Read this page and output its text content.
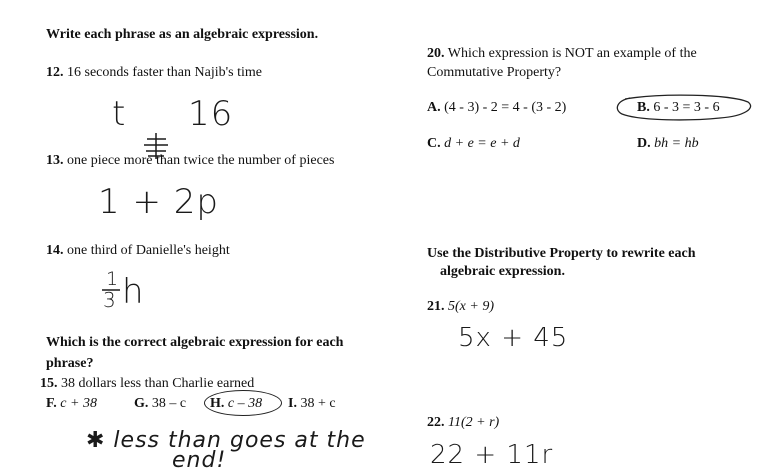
Write each phrase as an algebraic expression.
12. 16 seconds faster than Najib's time
t 16
13. one piece more than twice the number of pieces
1 + 2p
14. one third of Danielle's height
1
3 h
Which is the correct algebraic expression for each
phrase?
15. 38 dollars less than Charlie earned
F. c + 38	G. 38 – c H. c – 38 I. 38 + c
✱ less than goes at the
end!
20. Which expression is NOT an example of the
Commutative Property?
A. (4 - 3) - 2 = 4 - (3 - 2)	B. 6 - 3 = 3 - 6
C. d + e = e + d	D. bh = hb
Use the Distributive Property to rewrite each
algebraic expression.
21. 5(x + 9)
5x + 45
22. 11(2 + r)
22 + 11r
